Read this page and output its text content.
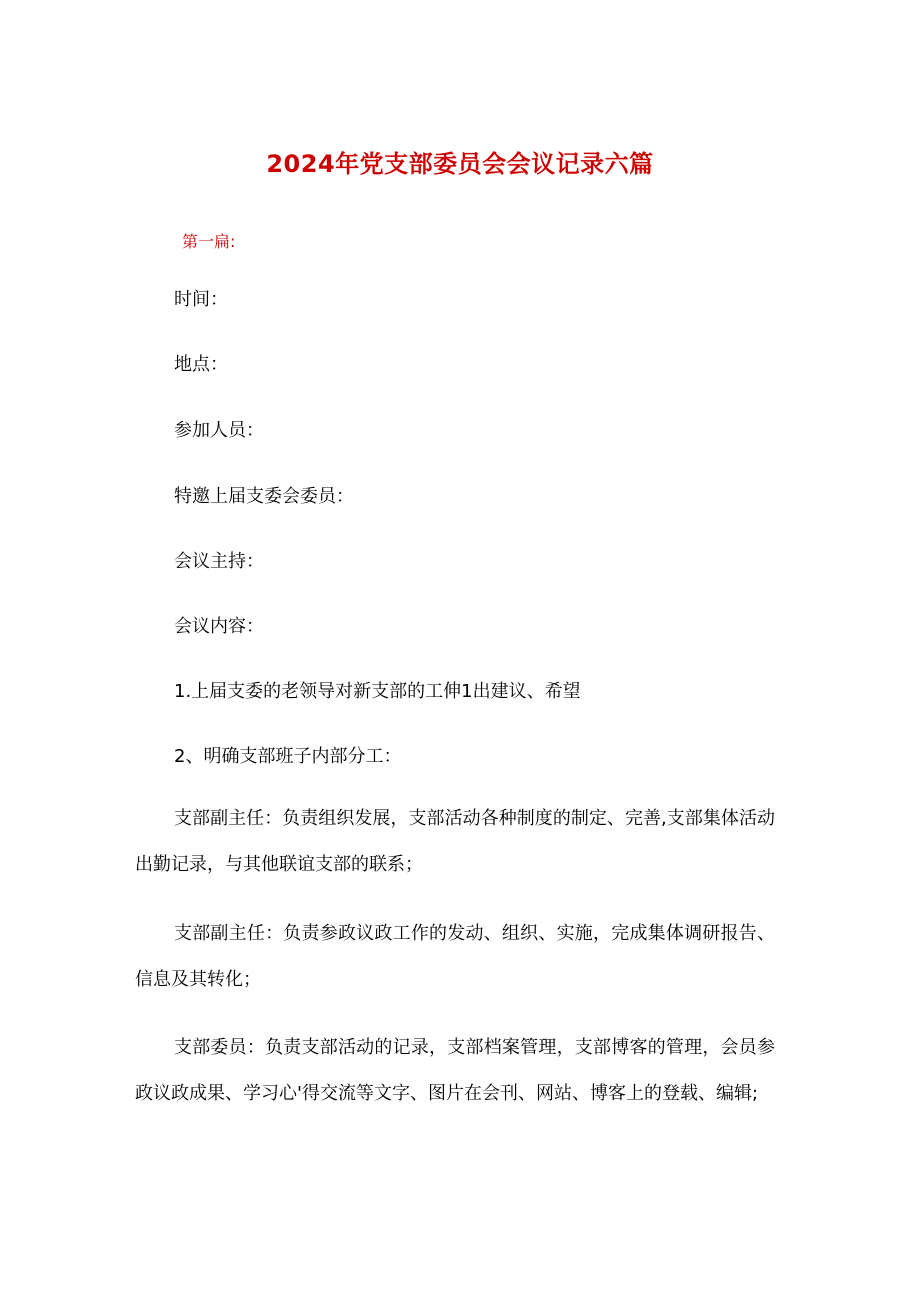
2024年党支部委员会会议记录六篇
第一扁:
时间：
地点：
参加人员：
特邀上届支委会委员：
会议主持：
会议内容：
1.上届支委的老领导对新支部的工伸1出建议、希望
2、明确支部班子内部分工：
支部副主任：负责组织发展，支部活动各种制度的制定、完善,支部集体活动出勤记录，与其他联谊支部的联系；
支部副主任：负责参政议政工作的发动、组织、实施，完成集体调研报告、信息及其转化；
支部委员：负责支部活动的记录，支部档案管理，支部博客的管理，会员参政议政成果、学习心'得交流等文字、图片在会刊、网站、博客上的登载、编辑;
